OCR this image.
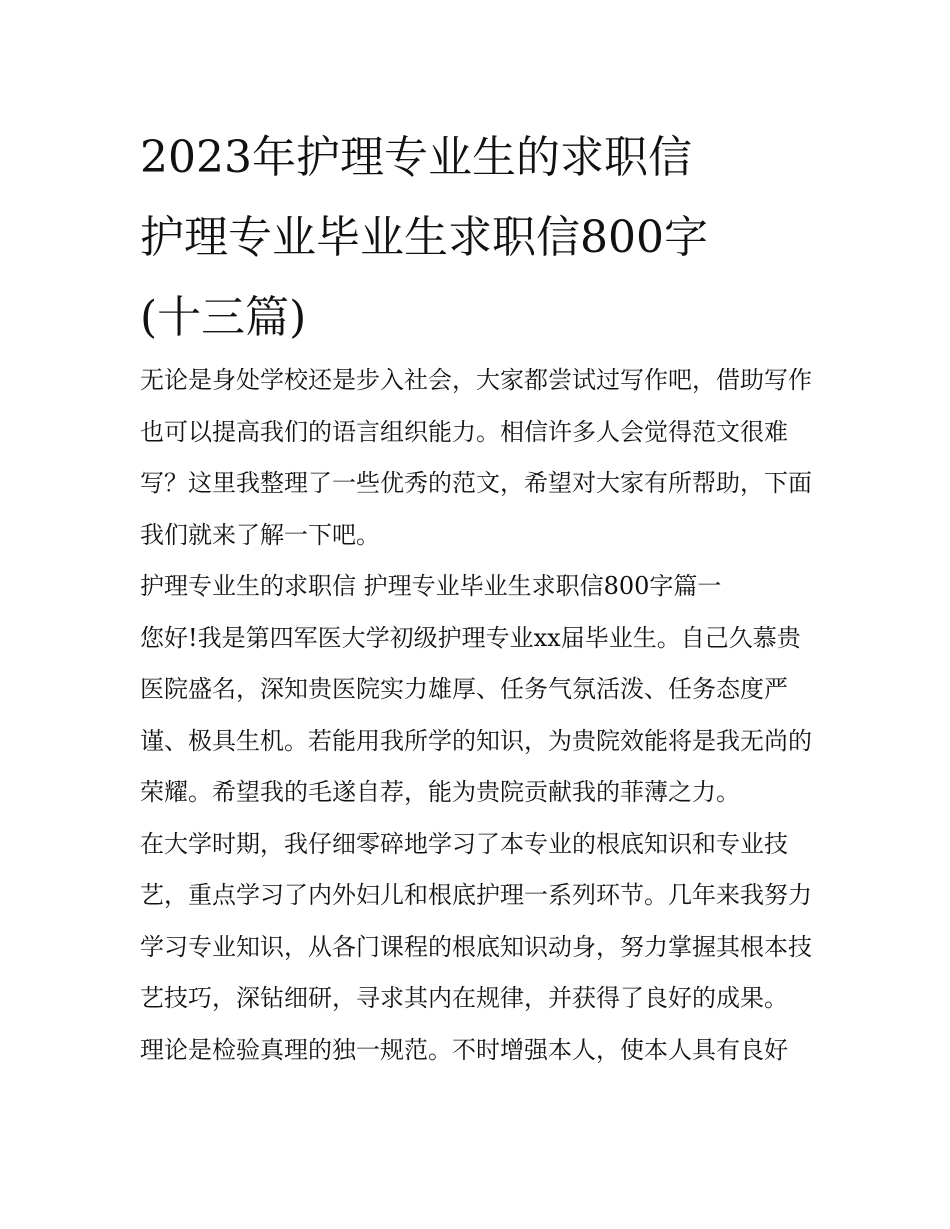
2023年护理专业生的求职信
护理专业毕业生求职信800字
(十三篇)

无论是身处学校还是步入社会，大家都尝试过写作吧，借助写作也可以提高我们的语言组织能力。相信许多人会觉得范文很难写？这里我整理了一些优秀的范文，希望对大家有所帮助，下面我们就来了解一下吧。

护理专业生的求职信 护理专业毕业生求职信800字篇一

您好!我是第四军医大学初级护理专业xx届毕业生。自己久慕贵医院盛名，深知贵医院实力雄厚、任务气氛活泼、任务态度严谨、极具生机。若能用我所学的知识，为贵院效能将是我无尚的荣耀。希望我的毛遂自荐，能为贵院贡献我的菲薄之力。

在大学时期，我仔细零碎地学习了本专业的根底知识和专业技艺，重点学习了内外妇儿和根底护理一系列环节。几年来我努力学习专业知识，从各门课程的根底知识动身，努力掌握其根本技艺技巧，深钻细研，寻求其内在规律，并获得了良好的成果。

理论是检验真理的独一规范。不时增强本人，使本人具有良好
